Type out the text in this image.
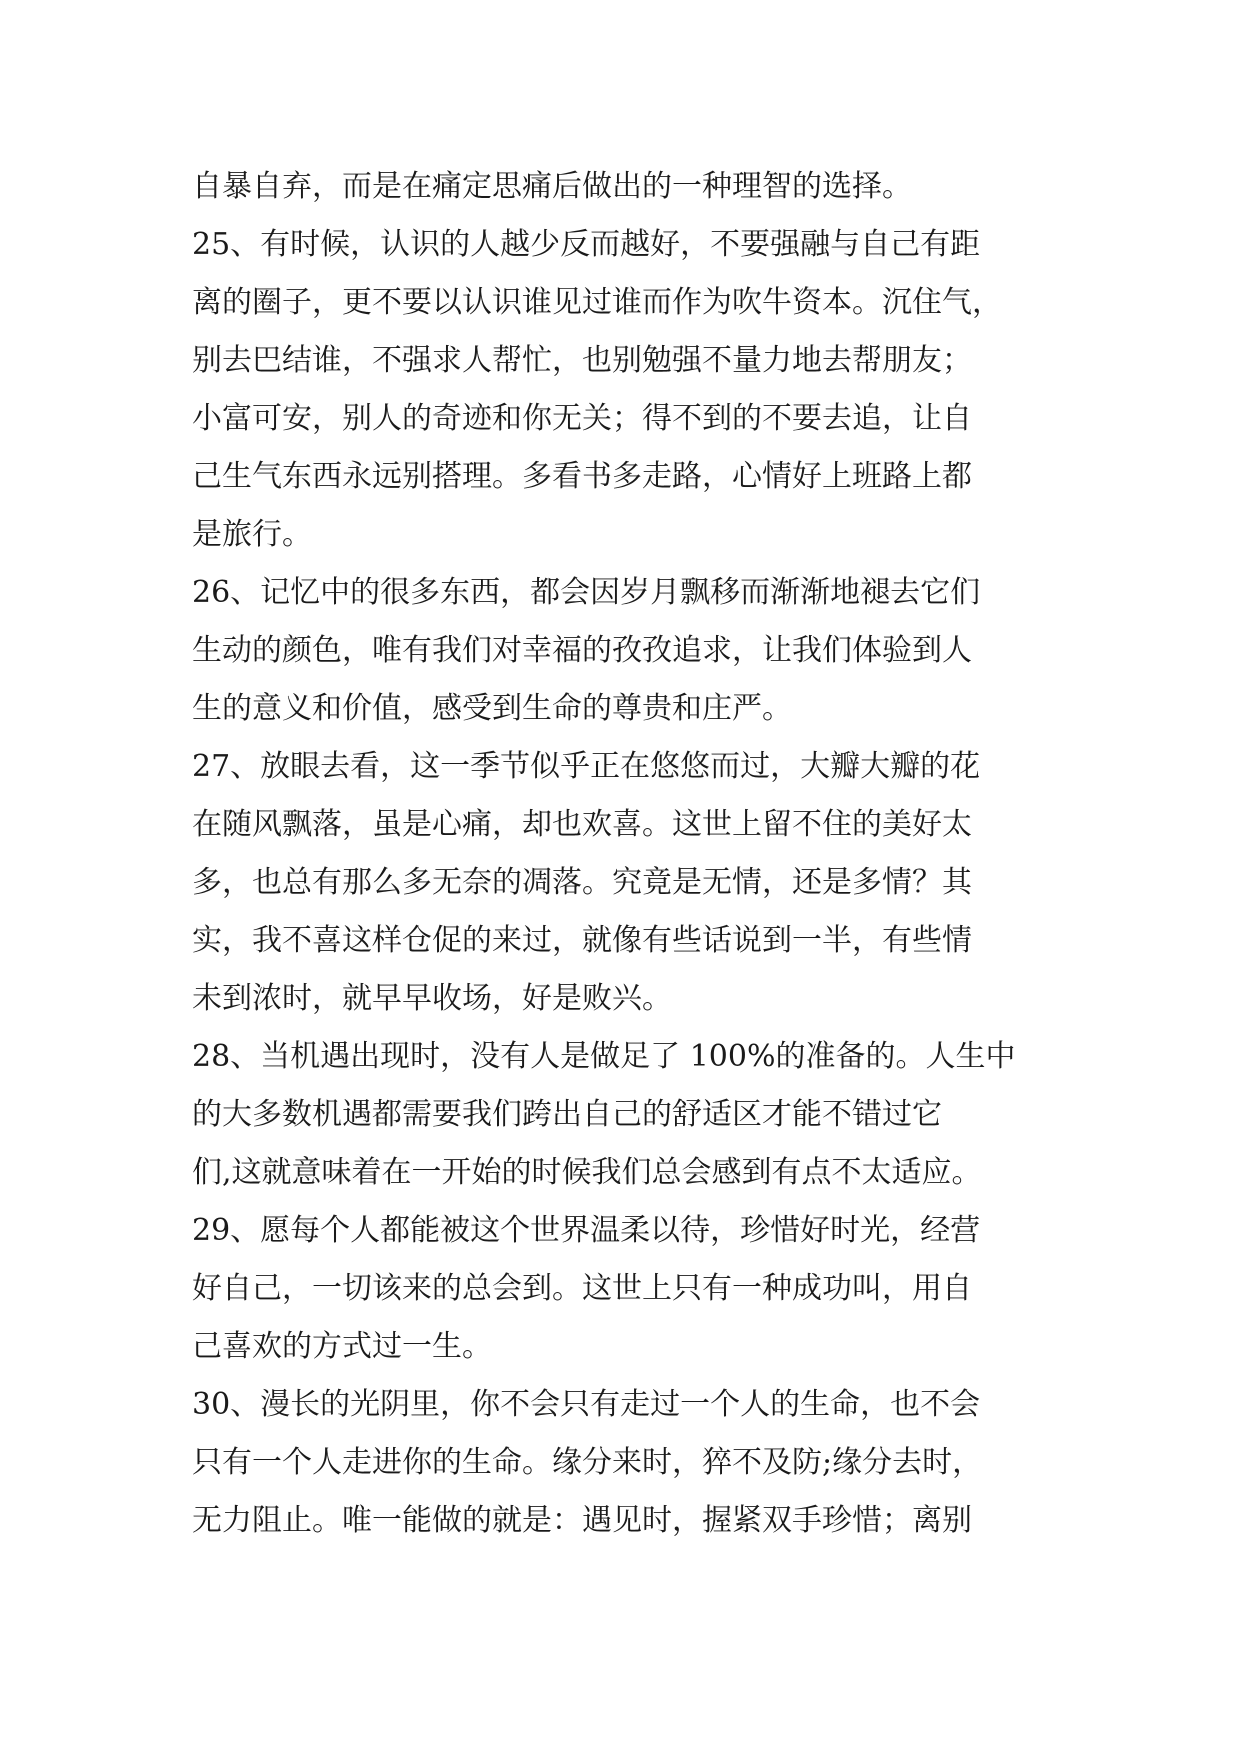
自暴自弃，而是在痛定思痛后做出的一种理智的选择。
25、有时候，认识的人越少反而越好，不要强融与自己有距
离的圈子，更不要以认识谁见过谁而作为吹牛资本。沉住气，
别去巴结谁，不强求人帮忙，也别勉强不量力地去帮朋友；
小富可安，别人的奇迹和你无关；得不到的不要去追，让自
己生气东西永远别搭理。多看书多走路，心情好上班路上都
是旅行。
26、记忆中的很多东西，都会因岁月飘移而渐渐地褪去它们
生动的颜色，唯有我们对幸福的孜孜追求，让我们体验到人
生的意义和价值，感受到生命的尊贵和庄严。
27、放眼去看，这一季节似乎正在悠悠而过，大瓣大瓣的花
在随风飘落，虽是心痛，却也欢喜。这世上留不住的美好太
多，也总有那么多无奈的凋落。究竟是无情，还是多情？其
实，我不喜这样仓促的来过，就像有些话说到一半，有些情
未到浓时，就早早收场，好是败兴。
28、当机遇出现时，没有人是做足了 100%的准备的。人生中
的大多数机遇都需要我们跨出自己的舒适区才能不错过它
们,这就意味着在一开始的时候我们总会感到有点不太适应。
29、愿每个人都能被这个世界温柔以待，珍惜好时光，经营
好自己，一切该来的总会到。这世上只有一种成功叫，用自
己喜欢的方式过一生。
30、漫长的光阴里，你不会只有走过一个人的生命，也不会
只有一个人走进你的生命。缘分来时，猝不及防;缘分去时，
无力阻止。唯一能做的就是：遇见时，握紧双手珍惜；离别
